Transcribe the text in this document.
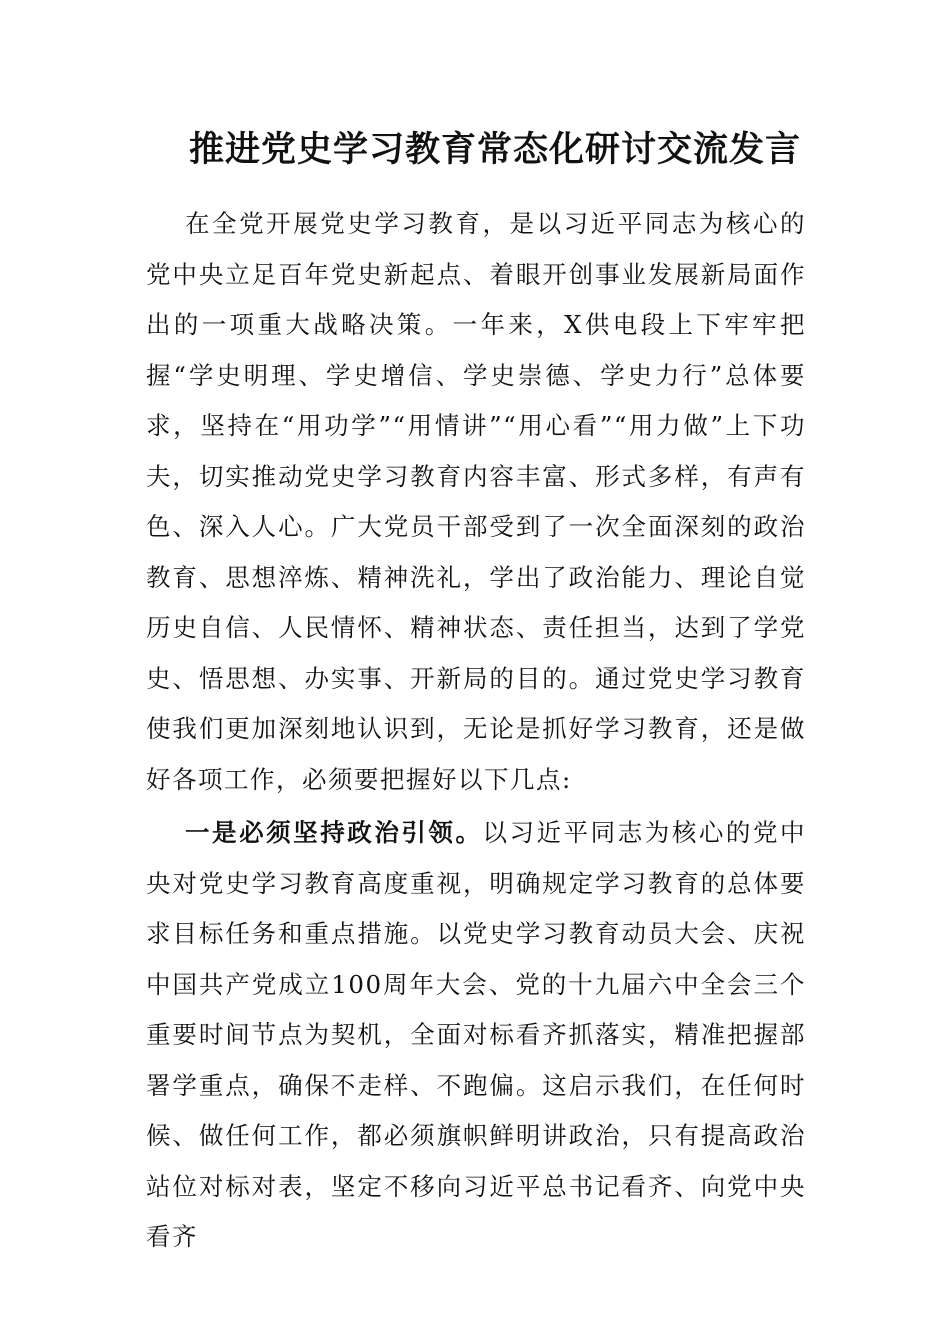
推进党史学习教育常态化研讨交流发言

在全党开展党史学习教育，是以习近平同志为核心的党中央立足百年党史新起点、着眼开创事业发展新局面作出的一项重大战略决策。一年来，X供电段上下牢牢把握“学史明理、学史增信、学史崇德、学史力行”总体要求，坚持在“用功学”“用情讲”“用心看”“用力做”上下功夫，切实推动党史学习教育内容丰富、形式多样，有声有色、深入人心。广大党员干部受到了一次全面深刻的政治教育、思想淬炼、精神洗礼，学出了政治能力、理论自觉历史自信、人民情怀、精神状态、责任担当，达到了学党史、悟思想、办实事、开新局的目的。通过党史学习教育使我们更加深刻地认识到，无论是抓好学习教育，还是做好各项工作，必须要把握好以下几点:

一是必须坚持政治引领。以习近平同志为核心的党中央对党史学习教育高度重视，明确规定学习教育的总体要求目标任务和重点措施。以党史学习教育动员大会、庆祝中国共产党成立100周年大会、党的十九届六中全会三个重要时间节点为契机，全面对标看齐抓落实，精准把握部署学重点，确保不走样、不跑偏。这启示我们，在任何时候、做任何工作，都必须旗帜鲜明讲政治，只有提高政治站位对标对表，坚定不移向习近平总书记看齐、向党中央看齐
